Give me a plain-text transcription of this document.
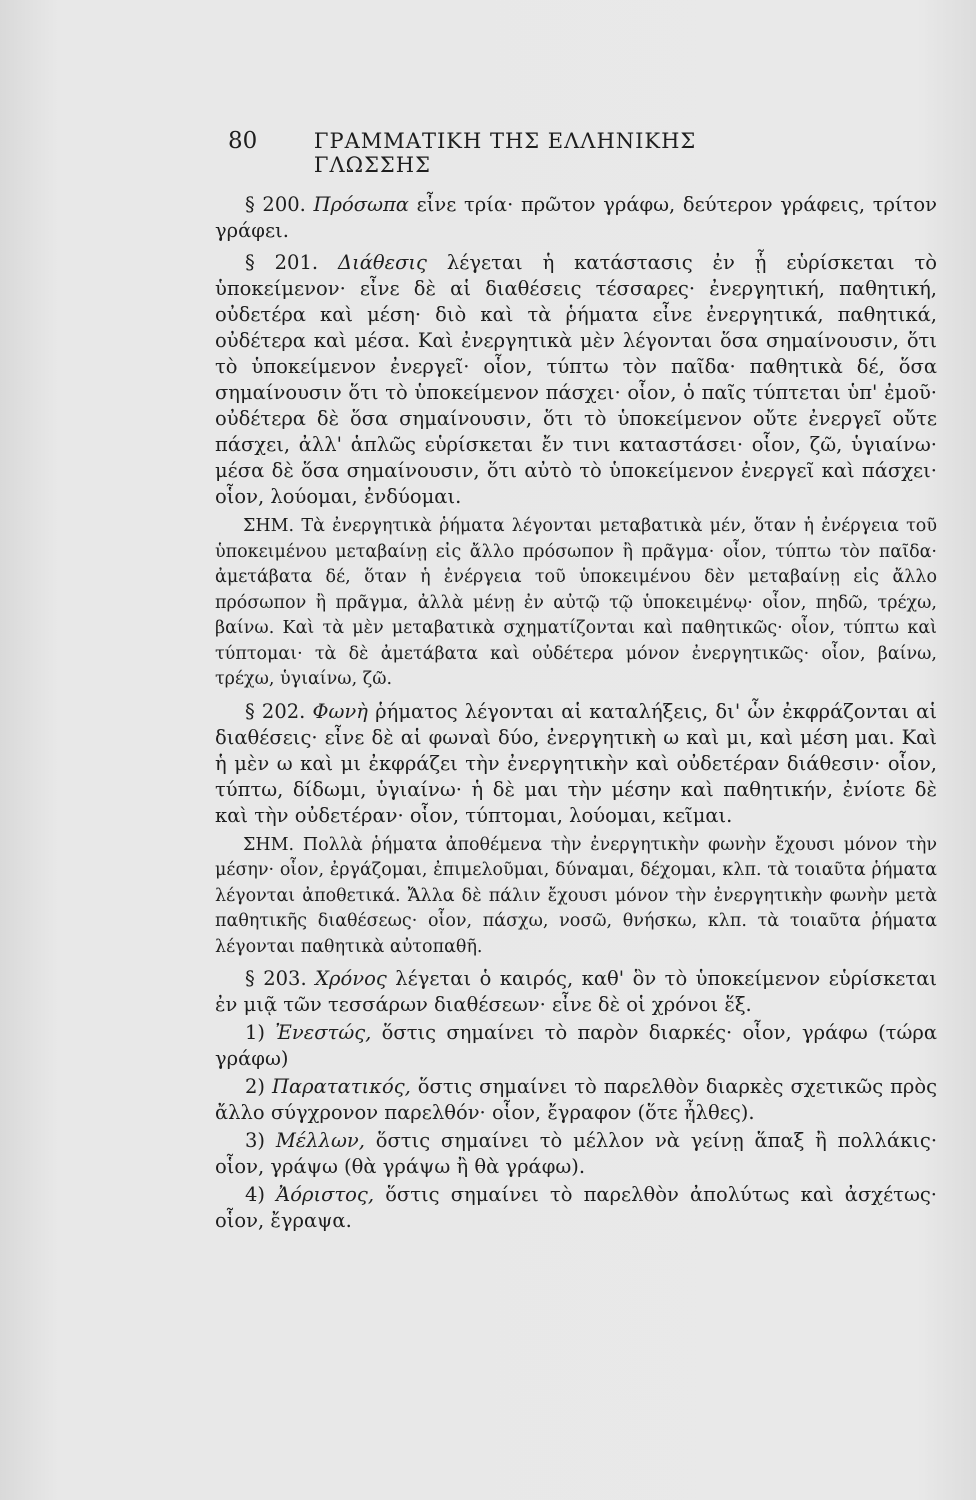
80	ΓΡΑΜΜΑΤΙΚΗ ΤΗΣ ΕΛΛΗΝΙΚΗΣ ΓΛΩΣΣΗΣ

§ 200. Πρόσωπα εἶνε τρία· πρῶτον γράφω, δεύτερον γράφεις, τρίτον γράφει.

§ 201. Διάθεσις λέγεται ἡ κατάστασις ἐν ᾗ εὑρίσκεται τὸ ὑποκείμενον· εἶνε δὲ αἱ διαθέσεις τέσσαρες· ἐνεργητική, παθητική, οὐδετέρα καὶ μέση· διὸ καὶ τὰ ῥήματα εἶνε ἐνεργητικά, παθητικά, οὐδέτερα καὶ μέσα. Καὶ ἐνεργητικὰ μὲν λέγονται ὅσα σημαίνουσιν, ὅτι τὸ ὑποκείμενον ἐνεργεῖ· οἷον, τύπτω τὸν παῖδα· παθητικὰ δέ, ὅσα σημαίνουσιν ὅτι τὸ ὑποκείμενον πάσχει· οἷον, ὁ παῖς τύπτεται ὑπ' ἐμοῦ· οὐδέτερα δὲ ὅσα σημαίνουσιν, ὅτι τὸ ὑποκείμενον οὔτε ἐνεργεῖ οὔτε πάσχει, ἀλλ' ἁπλῶς εὑρίσκεται ἔν τινι καταστάσει· οἷον, ζῶ, ὑγιαίνω· μέσα δὲ ὅσα σημαίνουσιν, ὅτι αὐτὸ τὸ ὑποκείμενον ἐνεργεῖ καὶ πάσχει· οἷον, λούομαι, ἐνδύομαι.

ΣΗΜ. Τὰ ἐνεργητικὰ ῥήματα λέγονται μεταβατικὰ μέν, ὅταν ἡ ἐνέργεια τοῦ ὑποκειμένου μεταβαίνῃ εἰς ἄλλο πρόσωπον ἢ πρᾶγμα· οἷον, τύπτω τὸν παῖδα· ἀμετάβατα δέ, ὅταν ἡ ἐνέργεια τοῦ ὑποκειμένου δὲν μεταβαίνῃ εἰς ἄλλο πρόσωπον ἢ πρᾶγμα, ἀλλὰ μένῃ ἐν αὐτῷ τῷ ὑποκειμένῳ· οἷον, πηδῶ, τρέχω, βαίνω. Καὶ τὰ μὲν μεταβατικὰ σχηματίζονται καὶ παθητικῶς· οἷον, τύπτω καὶ τύπτομαι· τὰ δὲ ἀμετάβατα καὶ οὐδέτερα μόνον ἐνεργητικῶς· οἷον, βαίνω, τρέχω, ὑγιαίνω, ζῶ.

§ 202. Φωνὴ ῥήματος λέγονται αἱ καταλήξεις, δι' ὧν ἐκφράζονται αἱ διαθέσεις· εἶνε δὲ αἱ φωναὶ δύο, ἐνεργητικὴ ω καὶ μι, καὶ μέση μαι. Καὶ ἡ μὲν ω καὶ μι ἐκφράζει τὴν ἐνεργητικὴν καὶ οὐδετέραν διάθεσιν· οἷον, τύπτω, δίδωμι, ὑγιαίνω· ἡ δὲ μαι τὴν μέσην καὶ παθητικήν, ἐνίοτε δὲ καὶ τὴν οὐδετέραν· οἷον, τύπτομαι, λούομαι, κεῖμαι.

ΣΗΜ. Πολλὰ ῥήματα ἀποθέμενα τὴν ἐνεργητικὴν φωνὴν ἔχουσι μόνον τὴν μέσην· οἷον, ἐργάζομαι, ἐπιμελοῦμαι, δύναμαι, δέχομαι, κλπ. τὰ τοιαῦτα ῥήματα λέγονται ἀποθετικά. Ἄλλα δὲ πάλιν ἔχουσι μόνον τὴν ἐνεργητικὴν φωνὴν μετὰ παθητικῆς διαθέσεως· οἷον, πάσχω, νοσῶ, θνήσκω, κλπ. τὰ τοιαῦτα ῥήματα λέγονται παθητικὰ αὐτοπαθῆ.

§ 203. Χρόνος λέγεται ὁ καιρός, καθ' ὃν τὸ ὑποκείμενον εὑρίσκεται ἐν μιᾷ τῶν τεσσάρων διαθέσεων· εἶνε δὲ οἱ χρόνοι ἕξ.

1) Ἐνεστώς, ὅστις σημαίνει τὸ παρὸν διαρκές· οἷον, γράφω (τώρα γράφω)

2) Παρατατικός, ὅστις σημαίνει τὸ παρελθὸν διαρκὲς σχετικῶς πρὸς ἄλλο σύγχρονον παρελθόν· οἷον, ἔγραφον (ὅτε ἦλθες).

3) Μέλλων, ὅστις σημαίνει τὸ μέλλον νὰ γείνῃ ἅπαξ ἢ πολλάκις· οἷον, γράψω (θὰ γράψω ἢ θὰ γράφω).

4) Ἀόριστος, ὅστις σημαίνει τὸ παρελθὸν ἀπολύτως καὶ ἀσχέτως· οἷον, ἔγραψα.
